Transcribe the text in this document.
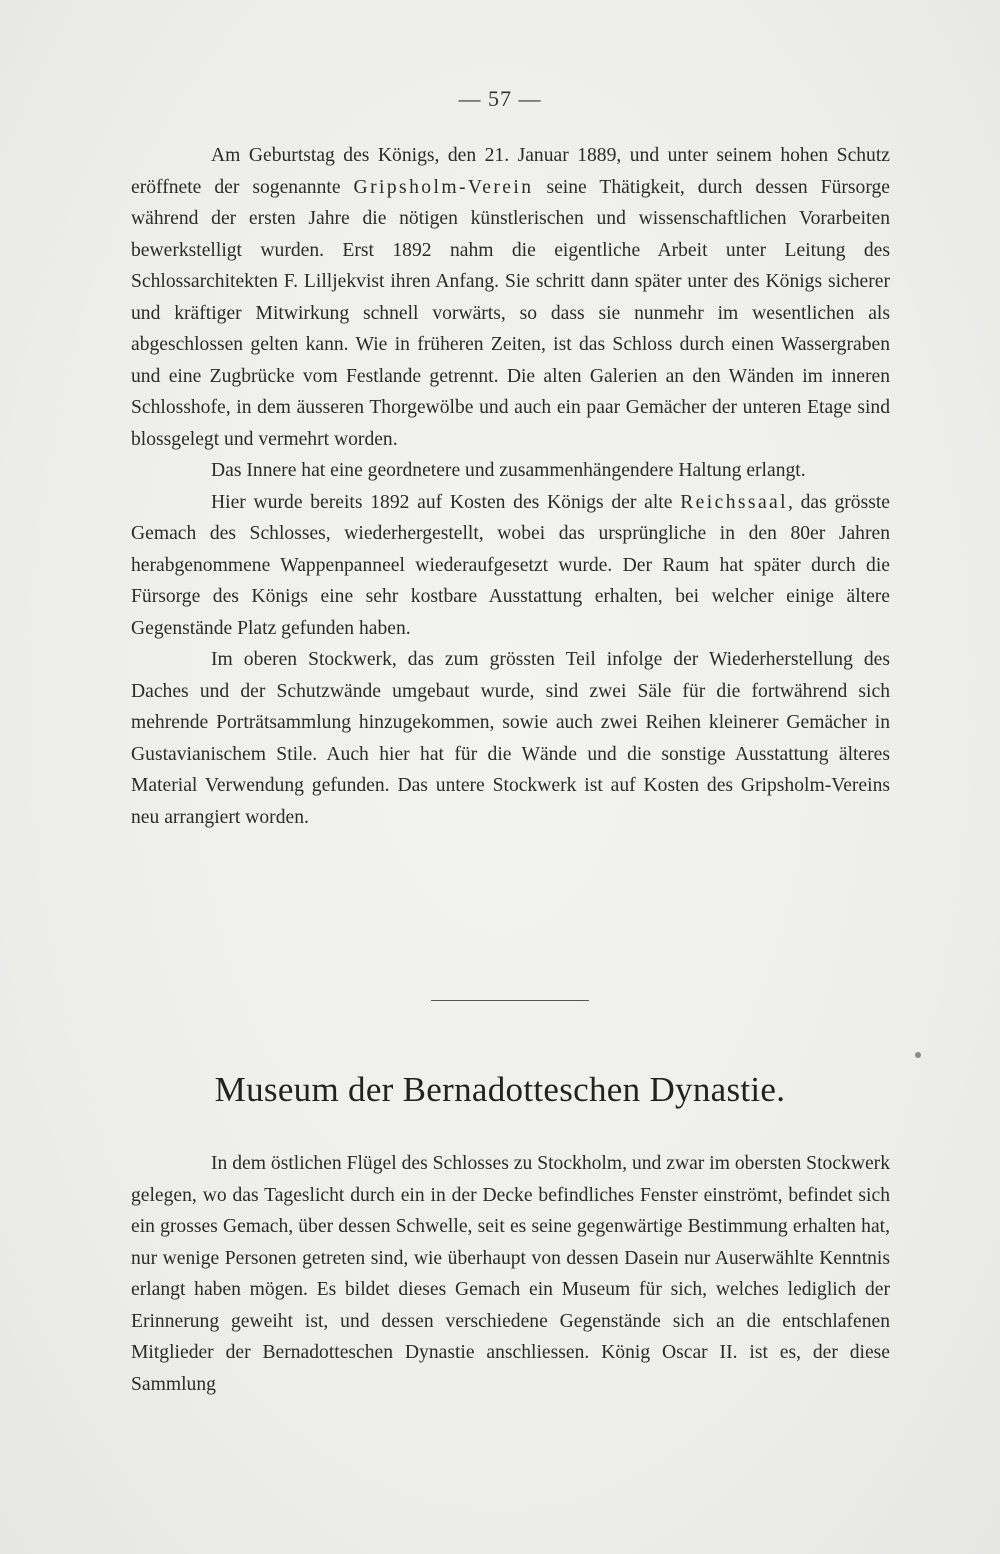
— 57 —

Am Geburtstag des Königs, den 21. Januar 1889, und unter seinem hohen Schutz eröffnete der sogenannte Gripsholm-Verein seine Thätigkeit, durch dessen Fürsorge während der ersten Jahre die nötigen künstlerischen und wissenschaftlichen Vorarbeiten bewerkstelligt wurden. Erst 1892 nahm die eigentliche Arbeit unter Leitung des Schlossarchitekten F. Lilljekvist ihren Anfang. Sie schritt dann später unter des Königs sicherer und kräftiger Mitwirkung schnell vorwärts, so dass sie nunmehr im wesentlichen als abgeschlossen gelten kann. Wie in früheren Zeiten, ist das Schloss durch einen Wassergraben und eine Zugbrücke vom Festlande getrennt. Die alten Galerien an den Wänden im inneren Schlosshofe, in dem äusseren Thorgewölbe und auch ein paar Gemächer der unteren Etage sind blossgelegt und vermehrt worden.

Das Innere hat eine geordnetere und zusammenhängendere Haltung erlangt.

Hier wurde bereits 1892 auf Kosten des Königs der alte Reichssaal, das grösste Gemach des Schlosses, wiederhergestellt, wobei das ursprüngliche in den 80er Jahren herabgenommene Wappenpanneel wiederaufgesetzt wurde. Der Raum hat später durch die Fürsorge des Königs eine sehr kostbare Ausstattung erhalten, bei welcher einige ältere Gegenstände Platz gefunden haben.

Im oberen Stockwerk, das zum grössten Teil infolge der Wiederherstellung des Daches und der Schutzwände umgebaut wurde, sind zwei Säle für die fortwährend sich mehrende Porträtsammlung hinzugekommen, sowie auch zwei Reihen kleinerer Gemächer in Gustavianischem Stile. Auch hier hat für die Wände und die sonstige Ausstattung älteres Material Verwendung gefunden. Das untere Stockwerk ist auf Kosten des Gripsholm-Vereins neu arrangiert worden.

Museum der Bernadotteschen Dynastie.

In dem östlichen Flügel des Schlosses zu Stockholm, und zwar im obersten Stockwerk gelegen, wo das Tageslicht durch ein in der Decke befindliches Fenster einströmt, befindet sich ein grosses Gemach, über dessen Schwelle, seit es seine gegenwärtige Bestimmung erhalten hat, nur wenige Personen getreten sind, wie überhaupt von dessen Dasein nur Auserwählte Kenntnis erlangt haben mögen. Es bildet dieses Gemach ein Museum für sich, welches lediglich der Erinnerung geweiht ist, und dessen verschiedene Gegenstände sich an die entschlafenen Mitglieder der Bernadotteschen Dynastie anschliessen. König Oscar II. ist es, der diese Sammlung
